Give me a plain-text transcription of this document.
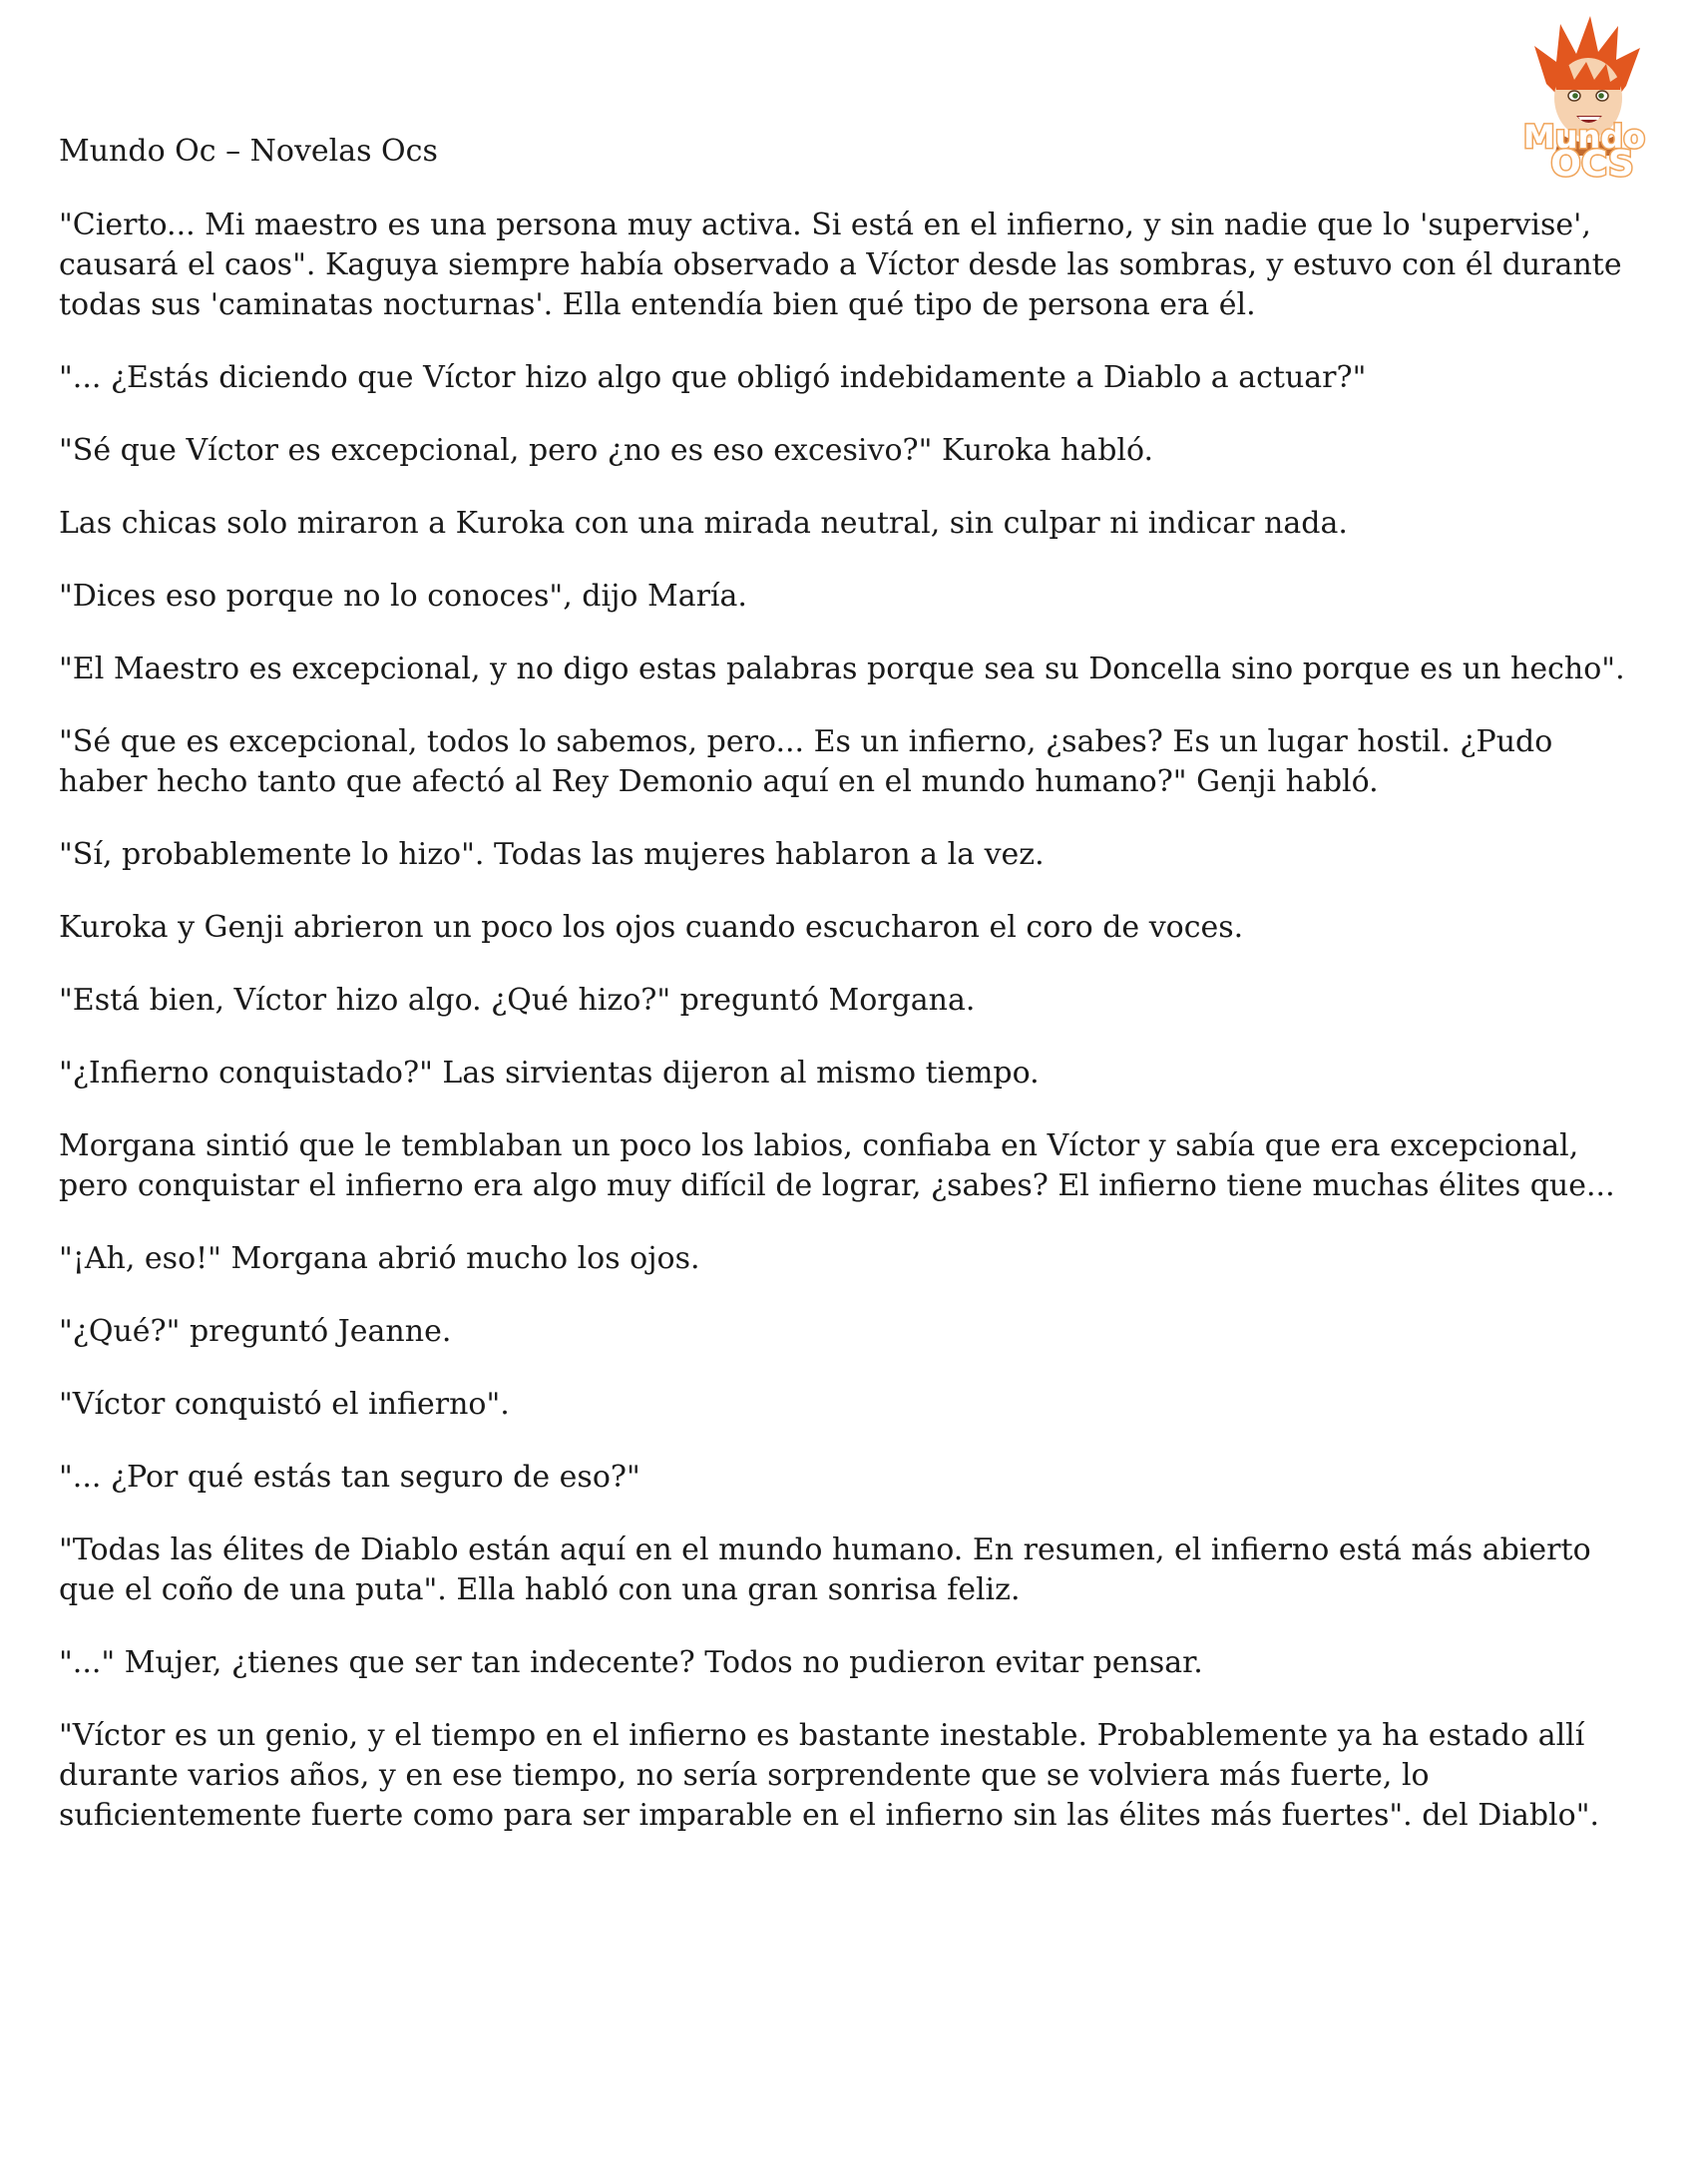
Mundo Oc – Novelas Ocs	Mundo
OCS

"Cierto... Mi maestro es una persona muy activa. Si está en el infierno, y sin nadie que lo 'supervise', causará el caos". Kaguya siempre había observado a Víctor desde las sombras, y estuvo con él durante todas sus 'caminatas nocturnas'. Ella entendía bien qué tipo de persona era él.

"... ¿Estás diciendo que Víctor hizo algo que obligó indebidamente a Diablo a actuar?"

"Sé que Víctor es excepcional, pero ¿no es eso excesivo?" Kuroka habló.

Las chicas solo miraron a Kuroka con una mirada neutral, sin culpar ni indicar nada.

"Dices eso porque no lo conoces", dijo María.

"El Maestro es excepcional, y no digo estas palabras porque sea su Doncella sino porque es un hecho".

"Sé que es excepcional, todos lo sabemos, pero... Es un infierno, ¿sabes? Es un lugar hostil. ¿Pudo haber hecho tanto que afectó al Rey Demonio aquí en el mundo humano?" Genji habló.

"Sí, probablemente lo hizo". Todas las mujeres hablaron a la vez.

Kuroka y Genji abrieron un poco los ojos cuando escucharon el coro de voces.

"Está bien, Víctor hizo algo. ¿Qué hizo?" preguntó Morgana.

"¿Infierno conquistado?" Las sirvientas dijeron al mismo tiempo.

Morgana sintió que le temblaban un poco los labios, confiaba en Víctor y sabía que era excepcional, pero conquistar el infierno era algo muy difícil de lograr, ¿sabes? El infierno tiene muchas élites que...

"¡Ah, eso!" Morgana abrió mucho los ojos.

"¿Qué?" preguntó Jeanne.

"Víctor conquistó el infierno".

"... ¿Por qué estás tan seguro de eso?"

"Todas las élites de Diablo están aquí en el mundo humano. En resumen, el infierno está más abierto que el coño de una puta". Ella habló con una gran sonrisa feliz.

"..." Mujer, ¿tienes que ser tan indecente? Todos no pudieron evitar pensar.

"Víctor es un genio, y el tiempo en el infierno es bastante inestable. Probablemente ya ha estado allí durante varios años, y en ese tiempo, no sería sorprendente que se volviera más fuerte, lo suficientemente fuerte como para ser imparable en el infierno sin las élites más fuertes". del Diablo".
